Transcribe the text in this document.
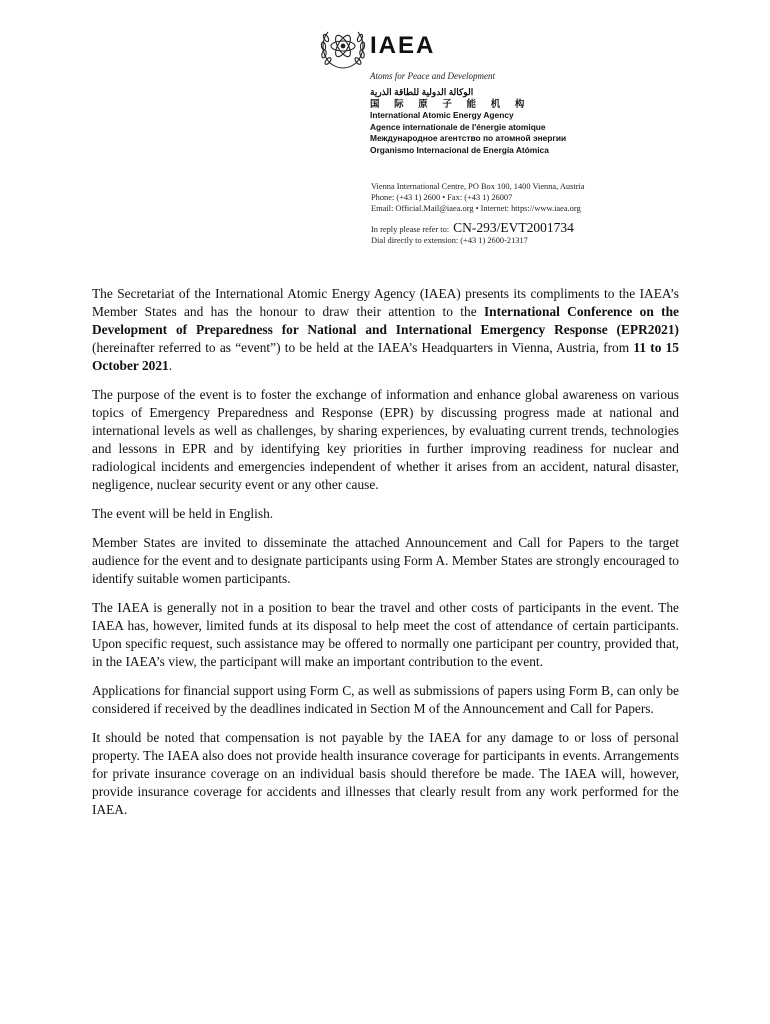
IAEA
Atoms for Peace and Development
الوكالة الدولية للطاقة الذرية
国 际 原 子 能 机 构
International Atomic Energy Agency
Agence internationale de l'énergie atomique
Международное агентство по атомной энергии
Organismo Internacional de Energía Atómica
Vienna International Centre, PO Box 100, 1400 Vienna, Austria
Phone: (+43 1) 2600 • Fax: (+43 1) 26007
Email: Official.Mail@iaea.org • Internet: https://www.iaea.org
In reply please refer to: CN-293/EVT2001734
Dial directly to extension: (+43 1) 2600-21317

The Secretariat of the International Atomic Energy Agency (IAEA) presents its compliments to the IAEA’s Member States and has the honour to draw their attention to the International Conference on the Development of Preparedness for National and International Emergency Response (EPR2021) (hereinafter referred to as “event”) to be held at the IAEA’s Headquarters in Vienna, Austria, from 11 to 15 October 2021.

The purpose of the event is to foster the exchange of information and enhance global awareness on various topics of Emergency Preparedness and Response (EPR) by discussing progress made at national and international levels as well as challenges, by sharing experiences, by evaluating current trends, technologies and lessons in EPR and by identifying key priorities in further improving readiness for nuclear and radiological incidents and emergencies independent of whether it arises from an accident, natural disaster, negligence, nuclear security event or any other cause.

The event will be held in English.

Member States are invited to disseminate the attached Announcement and Call for Papers to the target audience for the event and to designate participants using Form A. Member States are strongly encouraged to identify suitable women participants.

The IAEA is generally not in a position to bear the travel and other costs of participants in the event. The IAEA has, however, limited funds at its disposal to help meet the cost of attendance of certain participants. Upon specific request, such assistance may be offered to normally one participant per country, provided that, in the IAEA’s view, the participant will make an important contribution to the event.

Applications for financial support using Form C, as well as submissions of papers using Form B, can only be considered if received by the deadlines indicated in Section M of the Announcement and Call for Papers.

It should be noted that compensation is not payable by the IAEA for any damage to or loss of personal property. The IAEA also does not provide health insurance coverage for participants in events. Arrangements for private insurance coverage on an individual basis should therefore be made. The IAEA will, however, provide insurance coverage for accidents and illnesses that clearly result from any work performed for the IAEA.
